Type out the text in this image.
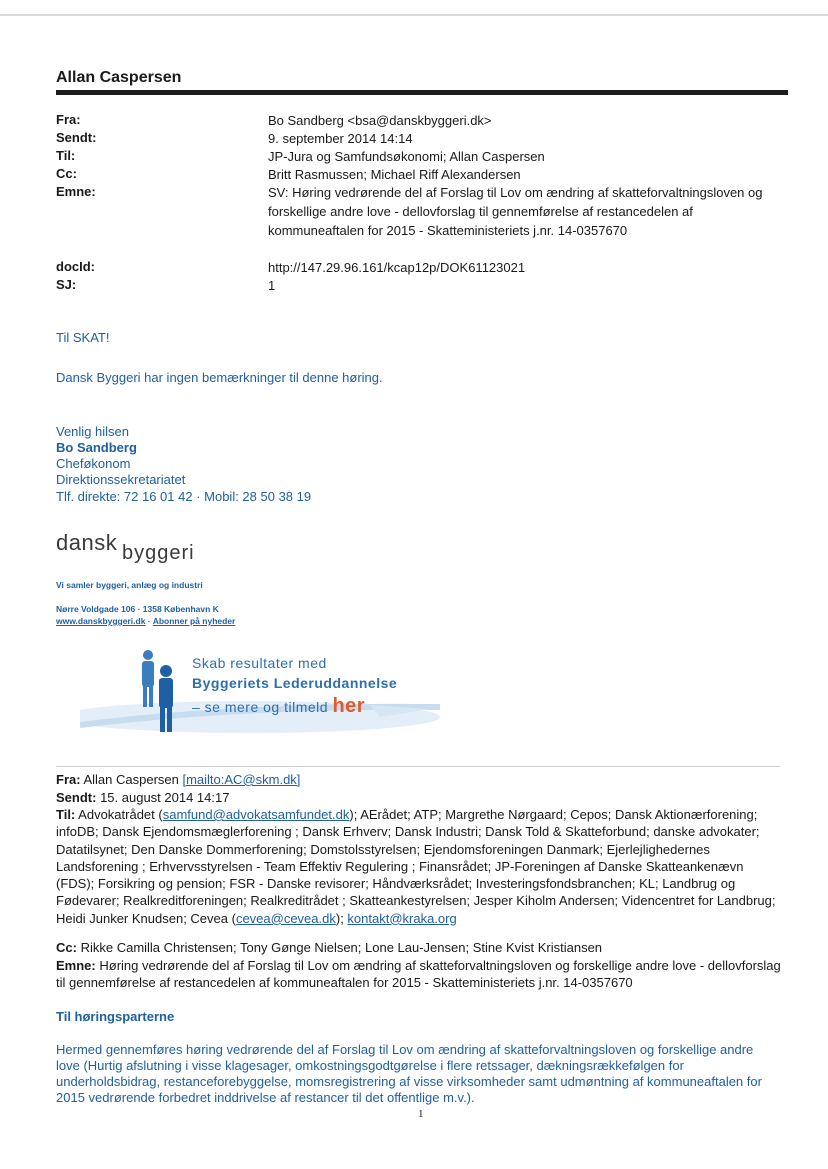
Allan Caspersen
Fra:	Bo Sandberg <bsa@danskbyggeri.dk>
Sendt:	9. september 2014 14:14
Til:	JP-Jura og Samfundsøkonomi; Allan Caspersen
Cc:	Britt Rasmussen; Michael Riff Alexandersen
Emne:	SV: Høring vedrørende del af Forslag til Lov om ændring af skatteforvaltningsloven og forskellige andre love - dellovforslag til gennemførelse af restancedelen af kommuneaftalen for 2015 - Skatteministeriets j.nr. 14-0357670
docId:	http://147.29.96.161/kcap12p/DOK61123021
SJ:	1
Til SKAT!
Dansk Byggeri har ingen bemærkninger til denne høring.
Venlig hilsen
Bo Sandberg
Cheføkonom
Direktionssekretariatet
Tlf. direkte: 72 16 01 42 · Mobil: 28 50 38 19
dansk byggeri
Vi samler byggeri, anlæg og industri
Nørre Voldgade 106 · 1358 København K
www.danskbyggeri.dk · Abonner på nyheder
Skab resultater med
Byggeriets Lederuddannelse
– se mere og tilmeld her
Fra: Allan Caspersen [mailto:AC@skm.dk]
Sendt: 15. august 2014 14:17
Til: Advokatrådet (samfund@advokatsamfundet.dk); AErådet; ATP; Margrethe Nørgaard; Cepos; Dansk Aktionærforening; infoDB; Dansk Ejendomsmæglerforening ; Dansk Erhverv; Dansk Industri; Dansk Told & Skatteforbund; danske advokater; Datatilsynet; Den Danske Dommerforening; Domstolsstyrelsen; Ejendomsforeningen Danmark; Ejerlejlighedernes Landsforening ; Erhvervsstyrelsen - Team Effektiv Regulering ; Finansrådet; JP-Foreningen af Danske Skatteankenævn (FDS); Forsikring og pension; FSR - Danske revisorer; Håndværksrådet; Investeringsfondsbranchen; KL; Landbrug og Fødevarer; Realkreditforeningen; Realkreditrådet ; Skatteankestyrelsen; Jesper Kiholm Andersen; Videncentret for Landbrug; Heidi Junker Knudsen; Cevea (cevea@cevea.dk); kontakt@kraka.org
Cc: Rikke Camilla Christensen; Tony Gønge Nielsen; Lone Lau-Jensen; Stine Kvist Kristiansen
Emne: Høring vedrørende del af Forslag til Lov om ændring af skatteforvaltningsloven og forskellige andre love - dellovforslag til gennemførelse af restancedelen af kommuneaftalen for 2015 - Skatteministeriets j.nr. 14-0357670
Til høringsparterne
Hermed gennemføres høring vedrørende del af Forslag til Lov om ændring af skatteforvaltningsloven og forskellige andre love (Hurtig afslutning i visse klagesager, omkostningsgodtgørelse i flere retssager, dækningsrækkefølgen for underholdsbidrag, restanceforebyggelse, momsregistrering af visse virksomheder samt udmøntning af kommuneaftalen for 2015 vedrørende forbedret inddrivelse af restancer til det offentlige m.v.).
1
